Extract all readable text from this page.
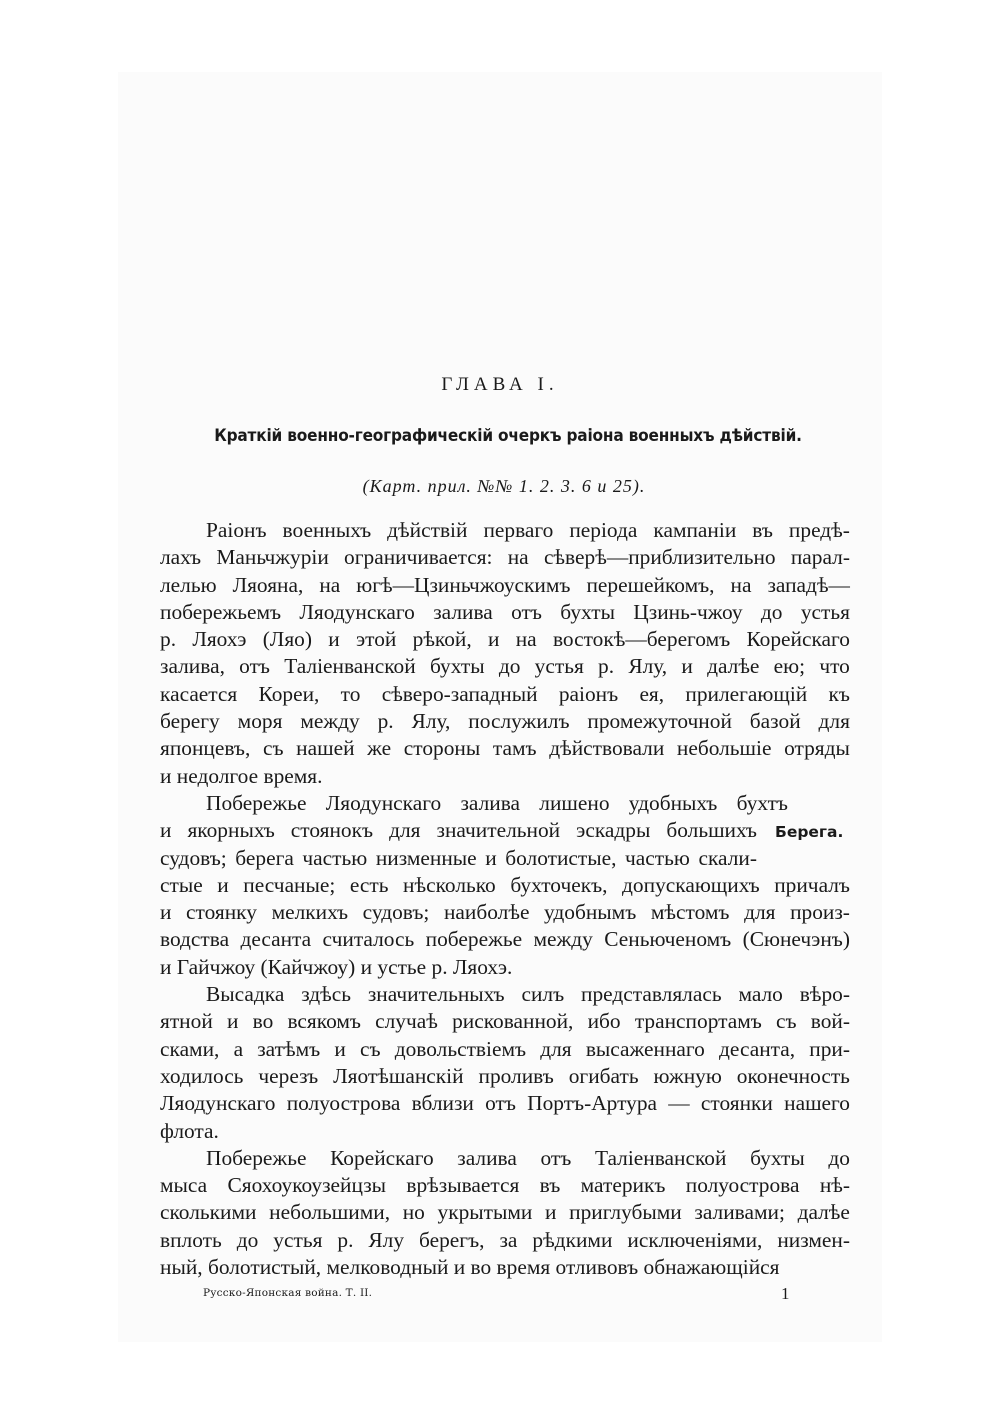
ГЛАВА I.
Краткій военно-географическій очеркъ раіона военныхъ дѣйствій.
(Карт. прил. №№ 1. 2. 3. 6 и 25).
Раіонъ военныхъ дѣйствій перваго періода кампаніи въ предѣ-
лахъ Маньчжуріи ограничивается: на сѣверѣ—приблизительно парал-
лелью Ляояна, на югѣ—Цзиньчжоускимъ перешейкомъ, на западѣ—
побережьемъ Ляодунскаго залива отъ бухты Цзинь-чжоу до устья
р. Ляохэ (Ляо) и этой рѣкой, и на востокѣ—берегомъ Корейскаго
залива, отъ Таліенванской бухты до устья р. Ялу, и далѣе ею; что
касается Кореи, то сѣверо-западный раіонъ ея, прилегающій къ
берегу моря между р. Ялу, послужилъ промежуточной базой для
японцевъ, съ нашей же стороны тамъ дѣйствовали небольшіе отряды
и недолгое время.
Побережье Ляодунскаго залива лишено удобныхъ бухтъ
и якорныхъ стоянокъ для значительной эскадры большихъ
судовъ; берега частью низменные и болотистые, частью скали-
стые и песчаные; есть нѣсколько бухточекъ, допускающихъ причалъ
и стоянку мелкихъ судовъ; наиболѣе удобнымъ мѣстомъ для произ-
водства десанта считалось побережье между Сеньюченомъ (Сюнечэнъ)
и Гайчжоу (Кайчжоу) и устье р. Ляохэ.
Высадка здѣсь значительныхъ силъ представлялась мало вѣро-
ятной и во всякомъ случаѣ рискованной, ибо транспортамъ съ вой-
сками, а затѣмъ и съ довольствіемъ для высаженнаго десанта, при-
ходилось черезъ Ляотѣшанскій проливъ огибать южную оконечность
Ляодунскаго полуострова вблизи отъ Портъ-Артура — стоянки нашего
флота.
Побережье Корейскаго залива отъ Таліенванской бухты до
мыса Сяохоукоузейцзы врѣзывается въ материкъ полуострова нѣ-
сколькими небольшими, но укрытыми и приглубыми заливами; далѣе
вплоть до устья р. Ялу берегъ, за рѣдкими исключеніями, низмен-
ный, болотистый, мелководный и во время отливовъ обнажающійся
Берега.
Русско-Японская война. Т. II.	1
